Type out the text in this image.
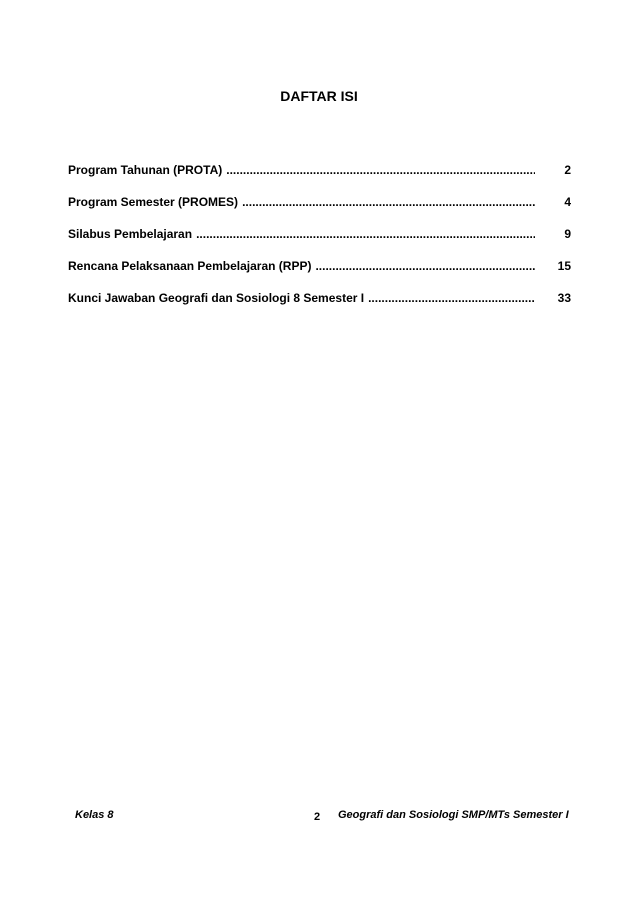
DAFTAR ISI
Program Tahunan (PROTA) .....	2
Program Semester (PROMES) .....	4
Silabus Pembelajaran .....	9
Rencana Pelaksanaan Pembelajaran (RPP) .....	15
Kunci Jawaban Geografi dan Sosiologi 8 Semester I .....	33
Kelas 8	2 Geografi dan Sosiologi SMP/MTs Semester I
